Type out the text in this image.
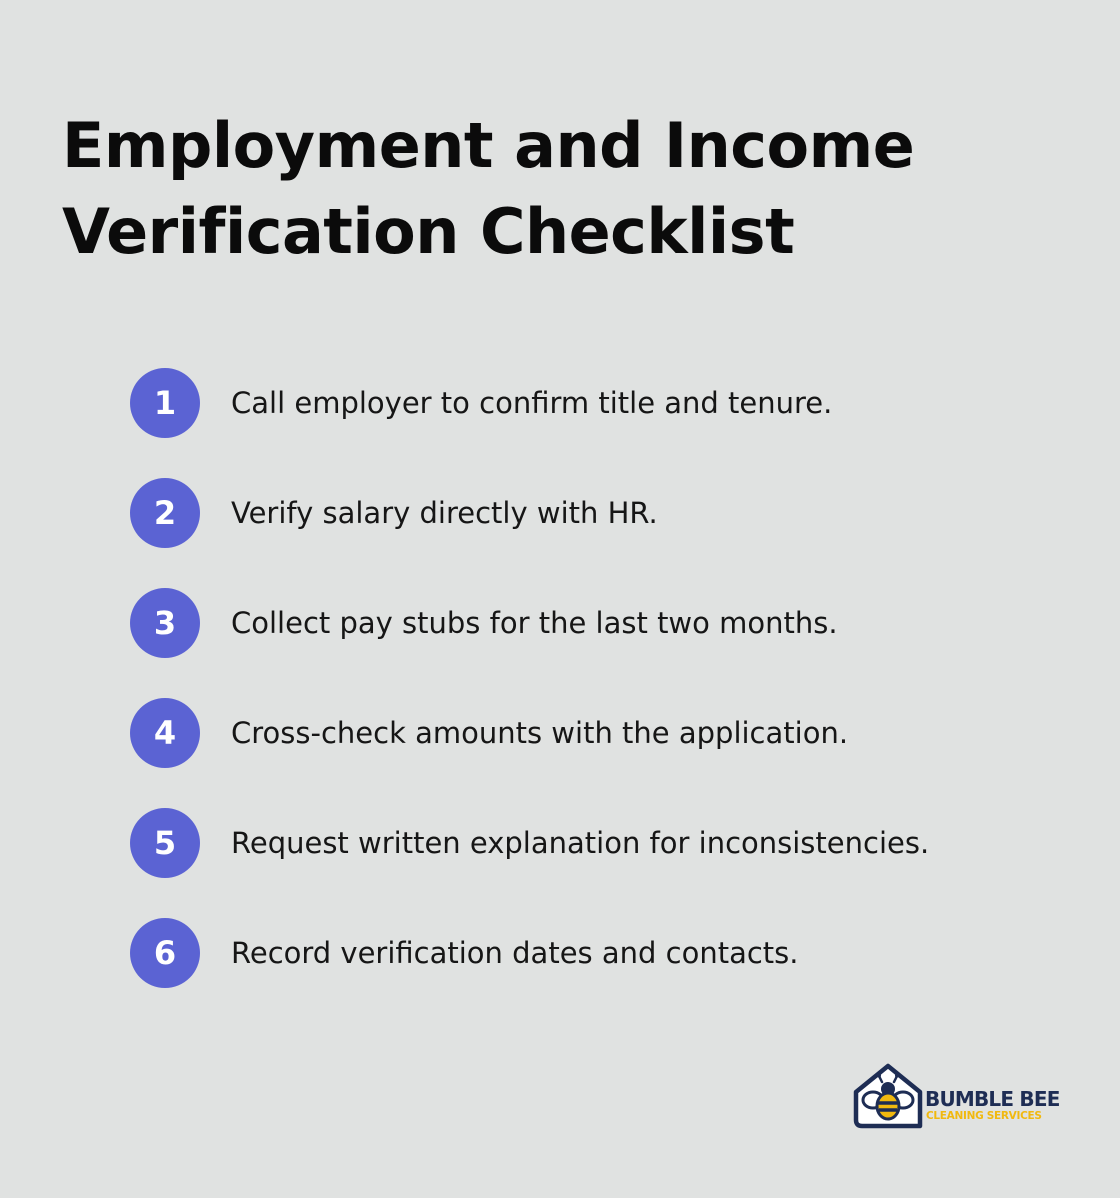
Employment and Income Verification Checklist
1	Call employer to confirm title and tenure.
2	Verify salary directly with HR.
3	Collect pay stubs for the last two months.
4	Cross-check amounts with the application.
5	Request written explanation for inconsistencies.
6	Record verification dates and contacts.
BUMBLE BEE
CLEANING SERVICES
